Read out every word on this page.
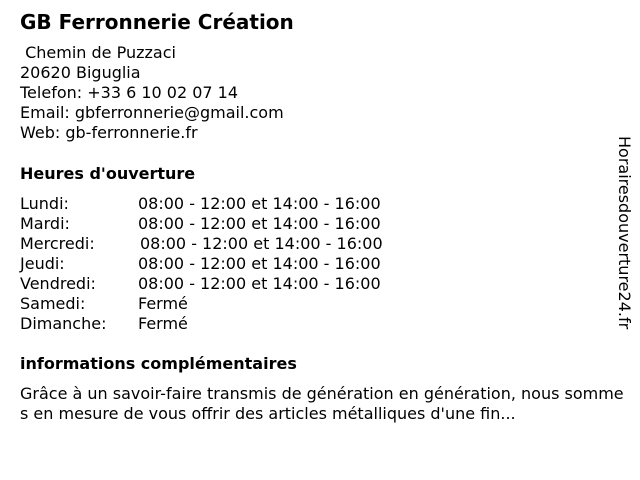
GB Ferronnerie Création
Chemin de Puzzaci
20620 Biguglia
Telefon: +33 6 10 02 07 14
Email: gbferronnerie@gmail.com
Web: gb-ferronnerie.fr
Heures d'ouverture
Lundi:	08:00 - 12:00 et 14:00 - 16:00
Mardi:	08:00 - 12:00 et 14:00 - 16:00
Mercredi:	08:00 - 12:00 et 14:00 - 16:00
Jeudi:	08:00 - 12:00 et 14:00 - 16:00
Vendredi:	08:00 - 12:00 et 14:00 - 16:00
Samedi:	Fermé
Dimanche: Fermé
informations complémentaires
Grâce à un savoir-faire transmis de génération en génération, nous sommes en mesure de vous offrir des articles métalliques d'une fin...
Horairesdouverture24.fr
